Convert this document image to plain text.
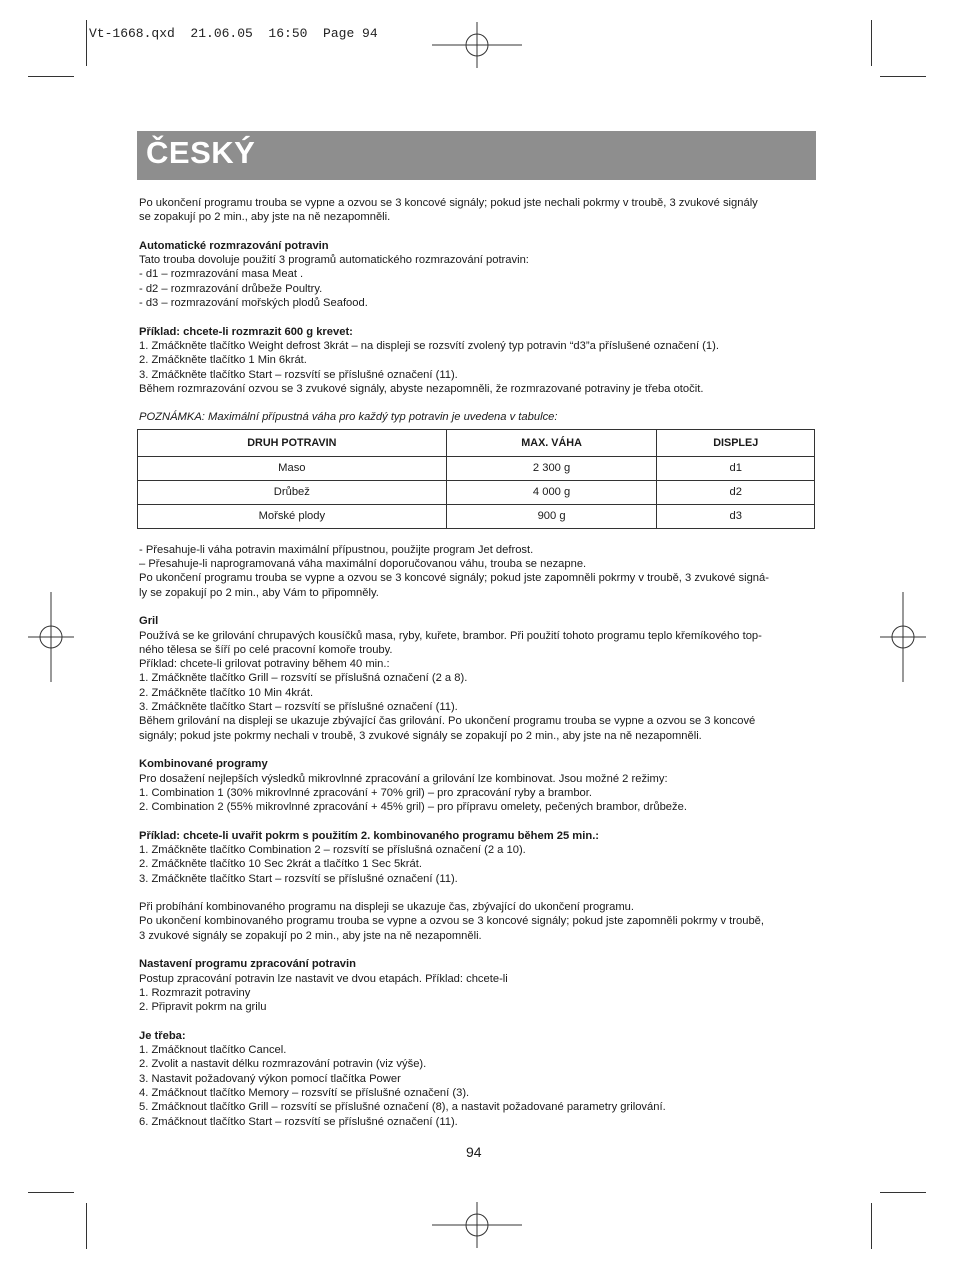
Vt-1668.qxd  21.06.05  16:50  Page 94
ČESKÝ

Po ukončení programu trouba se vypne a ozvou se 3 koncové signály; pokud jste nechali pokrmy v troubě, 3 zvukové signály

se zopakují po 2 min., aby jste na ně nezapomněli.

Automatické rozmrazování potravin

Tato trouba dovoluje použití 3 programů automatického rozmrazování potravin:

- d1 – rozmrazování masa Meat .

- d2 – rozmrazování drůbeže Poultry.

- d3 – rozmrazování mořských plodů Seafood.

Příklad: chcete-li rozmrazit 600 g krevet:

1. Zmáčkněte tlačítko Weight defrost 3krát – na displeji se rozsvítí zvolený typ potravin “d3”a příslušené označení (1).

2. Zmáčkněte tlačítko 1 Min 6krát.

3. Zmáčkněte tlačítko Start – rozsvítí se příslušné označení (11).

Během rozmrazování ozvou se 3 zvukové signály, abyste nezapomněli, že rozmrazované potraviny je třeba otočit.

POZNÁMKA: Maximální přípustná váha pro každý typ potravin je uvedena v tabulce:

DRUH POTRAVIN	MAX. VÁHA	DISPLEJ
Maso	2 300 g	d1
Drůbež	4 000 g	d2
Mořské plody	900 g	d3

- Přesahuje-li váha potravin maximální přípustnou, použijte program Jet defrost.

– Přesahuje-li naprogramovaná váha maximální doporučovanou váhu, trouba se nezapne.

Po ukončení programu trouba se vypne a ozvou se 3 koncové signály; pokud jste zapomněli pokrmy v troubě, 3 zvukové signá-

ly se zopakují po 2 min., aby Vám to připomněly.

Gril

Používá se ke grilování chrupavých kousíčků masa, ryby, kuřete, brambor. Při použití tohoto programu teplo křemíkového top-

ného tělesa se šíří po celé pracovní komoře trouby.

Příklad: chcete-li grilovat potraviny během 40 min.:

1. Zmáčkněte tlačítko Grill – rozsvítí se příslušná označení (2 a 8).

2. Zmáčkněte tlačítko 10 Min 4krát.

3. Zmáčkněte tlačítko Start – rozsvítí se příslušné označení (11).

Během grilování na displeji se ukazuje zbývající čas grilování. Po ukončení programu trouba se vypne a ozvou se 3 koncové

signály; pokud jste pokrmy nechali v troubě, 3 zvukové signály se zopakují po 2 min., aby jste na ně nezapomněli.

Kombinované programy

Pro dosažení nejlepších výsledků mikrovlnné zpracování a grilování lze kombinovat. Jsou možné 2 režimy:

1. Combination 1 (30% mikrovlnné zpracování + 70% gril) – pro zpracování ryby a brambor.

2. Combination 2 (55% mikrovlnné zpracování + 45% gril) – pro přípravu omelety, pečených brambor, drůbeže.

Příklad: chcete-li uvařit pokrm s použitím 2. kombinovaného programu během 25 min.:

1. Zmáčkněte tlačítko Combination 2 – rozsvítí se příslušná označení (2 a 10).

2. Zmáčkněte tlačítko 10 Sec 2krát a tlačítko 1 Sec 5krát.

3. Zmáčkněte tlačítko Start – rozsvítí se příslušné označení (11).

Při probíhání kombinovaného programu na displeji se ukazuje čas, zbývající do ukončení programu.

Po ukončení kombinovaného programu trouba se vypne a ozvou se 3 koncové signály; pokud jste zapomněli pokrmy v troubě,

3 zvukové signály se zopakují po 2 min., aby jste na ně nezapomněli.

Nastavení programu zpracování potravin

Postup zpracování potravin lze nastavit ve dvou etapách. Příklad: chcete-li

1. Rozmrazit potraviny

2. Připravit pokrm na grilu

Je třeba:

1. Zmáčknout tlačítko Cancel.

2. Zvolit a nastavit délku rozmrazování potravin (viz výše).

3. Nastavit požadovaný výkon pomocí tlačítka Power

4. Zmáčknout tlačítko Memory – rozsvítí se příslušné označení (3).

5. Zmáčknout tlačítko Grill – rozsvítí se příslušné označení (8), a nastavit požadované parametry grilování.

6. Zmáčknout tlačítko Start – rozsvítí se příslušné označení (11).

94
